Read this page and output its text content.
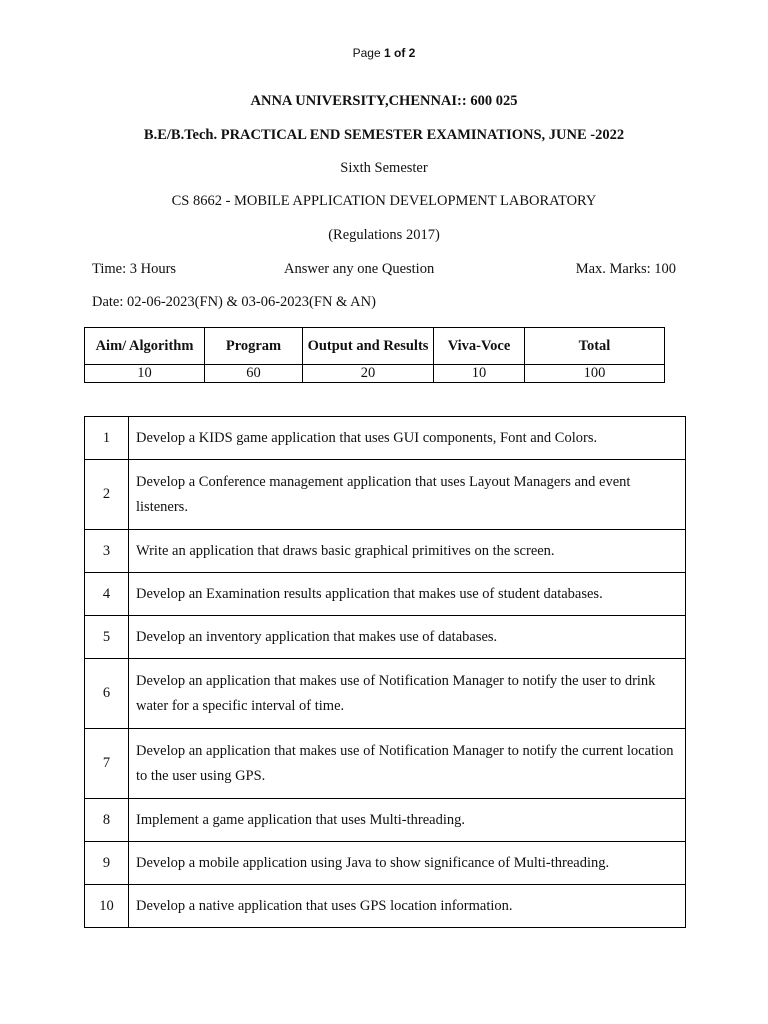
Page 1 of 2
ANNA UNIVERSITY,CHENNAI:: 600 025
B.E/B.Tech. PRACTICAL END SEMESTER EXAMINATIONS, JUNE -2022
Sixth Semester
CS 8662 - MOBILE APPLICATION DEVELOPMENT LABORATORY
(Regulations 2017)
Time: 3 Hours	Answer any one Question	Max. Marks: 100
Date: 02-06-2023(FN) & 03-06-2023(FN & AN)
Aim/ Algorithm	Program	Output and Results	Viva-Voce	Total
10	60	20	10	100
1	Develop a KIDS game application that uses GUI components, Font and Colors.
2	Develop a Conference management application that uses Layout Managers and event listeners.
3	Write an application that draws basic graphical primitives on the screen.
4	Develop an Examination results application that makes use of student databases.
5	Develop an inventory application that makes use of databases.
6	Develop an application that makes use of Notification Manager to notify the user to drink water for a specific interval of time.
7	Develop an application that makes use of Notification Manager to notify the current location to the user using GPS.
8	Implement a game application that uses Multi-threading.
9	Develop a mobile application using Java to show significance of Multi-threading.
10	Develop a native application that uses GPS location information.
